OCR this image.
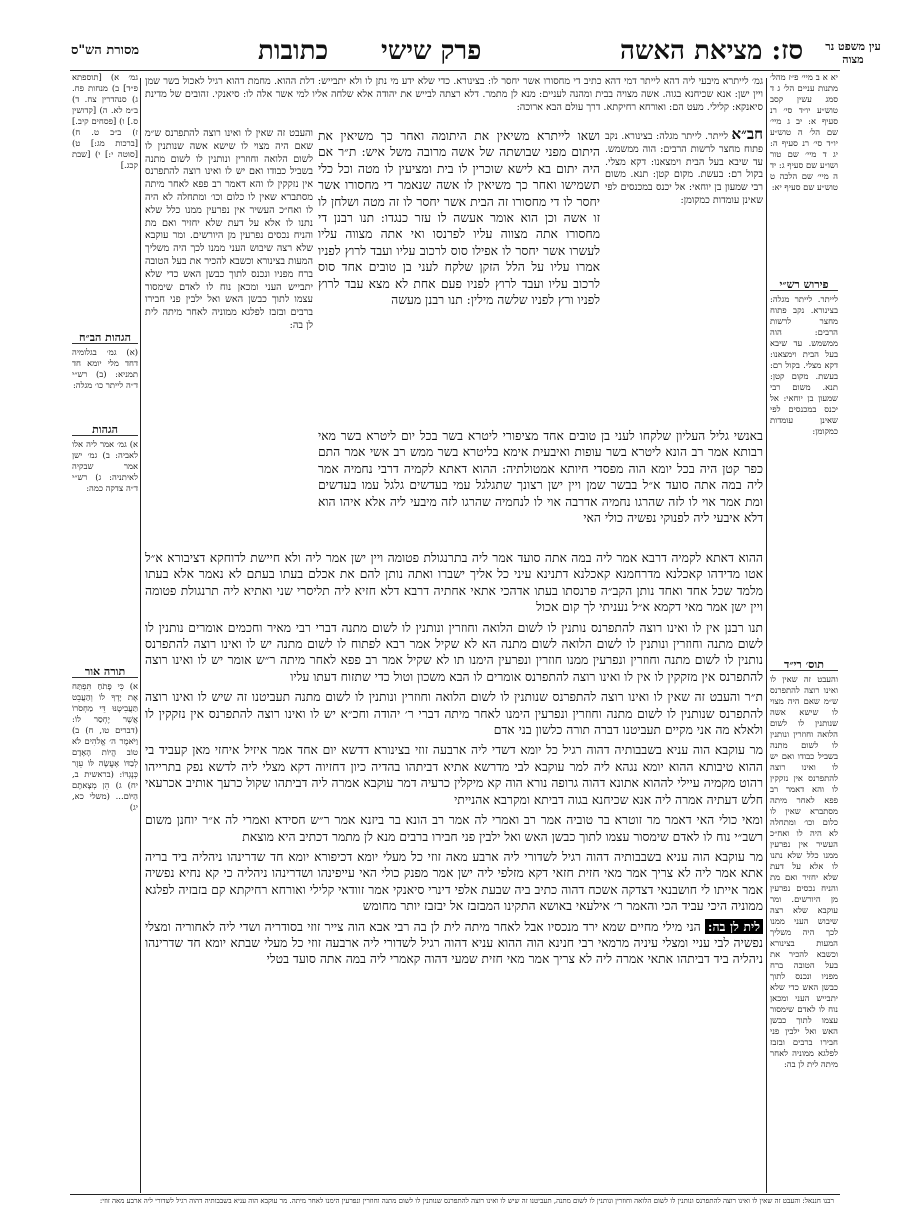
כתובות פרק שישי	סז: מציאת האשה
מסורת הש"ס	עין משפט נר מצוה

יא א ב מיי׳ פ״ז מהל׳ מתנות עניים הל׳ ג ד סמג עשין קסב טוש״ע יו״ד סי׳ רנ סעיף א: יב ג מיי׳ שם הל׳ ה טוש״ע יו״ד סי׳ רנ סעיף ה: יג ד מיי׳ שם טור ושו״ע שם סעיף ג: יד ה מיי׳ שם הלכה ט טוש״ע שם סעיף יא:

פירוש רש״י

לייתר. לייתר מגלה: בצינורא. נקב פתוח מחצר לרשות הרבים: הוה ממשמש. עד שיבא בעל הבית וימצאנו: דקא מצלי. בקול רם: בעשת. מקום קטן: תנא. משום רבי שמעון בן יוחאי: אל יכנס במכנסים לפי שאינן עומדות כמקומן:

תוס׳ רי״ד

והעבט זה שאין לו ואינו רוצה להתפרנס ש״מ שאם היה מצוי לו שישא אשה שנותנין לו לשום הלואה וחוזרין ונותנין לו לשום מתנה בשביל כבודו ואם יש לו ואינו רוצה להתפרנס אין נזקקין לו והא דאמר רב פפא לאחר מיתה מסתברא שאין לו כלום וכו׳ ומתחלה לא היה לו ואח״כ העשיר אין נפרעין ממנו כלל שלא נתנו לו אלא על דעת שלא יחזיר ואם מת והניח נכסים נפרעין מן היורשים. ומר עוקבא שלא רצה שיבוש העני ממנו לכך היה משליך המעות בצינורא וכשבא להכיר את בעל הטובה ברח מפניו ונכנס לתוך כבשן האש כדי שלא יתבייש העני ומכאן נוח לו לאדם שימסור עצמו לתוך כבשן האש ואל ילבין פני חבירו ברבים ובזבז לפלגא ממוניה לאחר מיתה לית לן בה:

גמ׳ א) [תוספתא פ״ד] ב) מנחות פח. ג) סנהדרין צח. ד) ב״מ לא. ה) [קדושין ס.] ו) [פסחים קיב.] ז) ב״ב ט. ח) [ברכות מג:] ט) [סוטה י:] י) [שבת קכג.]

הגהות הב״ח

(א) גמ׳ בגלומיה דחד מלי יומא חד תמניא: (ב) רש״י ד״ה לייתר כו׳ מגלה:

הגהות

א) גמ׳ אמר ליה אלו לאביה: ב) גמ׳ ישן אמר שבקיה לאיתניה: ג) רש״י ד״ה צדקה כמה:

תורה אור

א) כִּי פָתֹחַ תִּפְתַּח אֶת יָדְךָ לוֹ וְהַעֲבֵט תַּעֲבִיטֶנּוּ דֵּי מַחְסֹרוֹ אֲשֶׁר יֶחְסַר לוֹ: (דברים טו, ח) ב) וַיֹּאמֶר ה׳ אֱלֹהִים לֹא טוֹב הֱיוֹת הָאָדָם לְבַדּוֹ אֶעֱשֶׂה לּוֹ עֵזֶר כְּנֶגְדּוֹ: (בראשית ב, יח) ג) הֵן מְצָאתֶם הַיּוֹם... (משלי כא, יג)

גמ׳ לייתרא מיבעי ליה דהא לייתר דמי דהא כתיב די מחסורו אשר יחסר לו: בצינורא. כדי שלא ידע מי נתן לו ולא יתבייש: דלת ההוא. מחמת דהוא רגיל לאכול בשר שמן ויין ישן: אנא שכיחנא בגוה. אשה מצויה בבית ומהנה לעניים: מנא לן מתמר. דלא רצתה לבייש את יהודה אלא שלחה אליו למי אשר אלה לו: סיאנקי. זהובים של מדינת סיאנקא: קלילי. מעט הם: ואורחא רחיקתא. דרך עולם הבא ארוכה:

חב״א לייתר. לייתר מגלה: בצינורא. נקב פתוח מחצר לרשות הרבים: הוה ממשמש. עד שיבא בעל הבית וימצאנו: דקא מצלי. בקול רם: בעשת. מקום קטן: תנא. משום רבי שמעון בן יוחאי: אל יכנס במכנסים לפי שאינן עומדות כמקומן:

והעבט זה שאין לו ואינו רוצה להתפרנס ש״מ שאם היה מצוי לו שישא אשה שנותנין לו לשום הלואה וחוזרין ונותנין לו לשום מתנה בשביל כבודו ואם יש לו ואינו רוצה להתפרנס אין נזקקין לו והא דאמר רב פפא לאחר מיתה מסתברא שאין לו כלום וכו׳ ומתחלה לא היה לו ואח״כ העשיר אין נפרעין ממנו כלל שלא נתנו לו אלא על דעת שלא יחזיר ואם מת והניח נכסים נפרעין מן היורשים. ומר עוקבא שלא רצה שיבוש העני ממנו לכך היה משליך המעות בצינורא וכשבא להכיר את בעל הטובה ברח מפניו ונכנס לתוך כבשן האש כדי שלא יתבייש העני ומכאן נוח לו לאדם שימסור עצמו לתוך כבשן האש ואל ילבין פני חבירו ברבים ובזבז לפלגא ממוניה לאחר מיתה לית לן בה:

ושאו לייתרא משיאין את היתומה ואחר כך משיאין את היתום מפני שבושתה של אשה מרובה משל איש: ת״ר אם היה יתום בא לישא שוכרין לו בית ומציעין לו מטה וכל כלי תשמישו ואחר כך משיאין לו אשה שנאמר די מחסורו אשר יחסר לו די מחסורו זה הבית אשר יחסר לו זה מטה ושלחן לו זו אשה וכן הוא אומר אעשה לו עזר כנגדו: תנו רבנן די מחסורו אתה מצווה עליו לפרנסו ואי אתה מצווה עליו לעשרו אשר יחסר לו אפילו סוס לרכוב עליו ועבד לרוץ לפניו אמרו עליו על הלל הזקן שלקח לעני בן טובים אחד סוס לרכוב עליו ועבד לרוץ לפניו פעם אחת לא מצא עבד לרוץ לפניו ורץ לפניו שלשה מילין: תנו רבנן מעשה

באנשי גליל העליון שלקחו לעני בן טובים אחד מציפורי ליטרא בשר בכל יום ליטרא בשר מאי רבותא אמר רב הונא ליטרא בשר עופות ואיבעית אימא בליטרא בשר ממש רב אשי אמר התם כפר קטן היה בכל יומא הוה מפסדי חיותא אמטולתיה: ההוא דאתא לקמיה דרבי נחמיה אמר ליה במה אתה סועד א״ל בבשר שמן ויין ישן רצונך שתגלגל עמי בעדשים גלגל עמו בעדשים ומת אמר אוי לו לזה שהרגו נחמיה אדרבה אוי לו לנחמיה שהרגו לזה מיבעי ליה אלא איהו הוא דלא איבעי ליה לפנוקי נפשיה כולי האי

ההוא דאתא לקמיה דרבא אמר ליה במה אתה סועד אמר ליה בתרנגולת פטומה ויין ישן אמר ליה ולא חיישת לדוחקא דציבורא א״ל אטו מדידהו קאכלנא מדרחמנא קאכלנא דתנינא עיני כל אליך ישברו ואתה נותן להם את אכלם בעתו בעתם לא נאמר אלא בעתו מלמד שכל אחד ואחד נותן הקב״ה פרנסתו בעתו אדהכי אתאי אחתיה דרבא דלא חזיא ליה תליסרי שני ואתיא ליה תרנגולת פטומה ויין ישן אמר מאי דקמא א״ל נעניתי לך קום אכול

תנו רבנן אין לו ואינו רוצה להתפרנס נותנין לו לשום הלואה וחוזרין ונותנין לו לשום מתנה דברי רבי מאיר וחכמים אומרים נותנין לו לשום מתנה וחוזרין ונותנין לו לשום הלואה לשום מתנה הא לא שקיל אמר רבא לפתוח לו לשום מתנה יש לו ואינו רוצה להתפרנס נותנין לו לשום מתנה וחוזרין ונפרעין ממנו חוזרין ונפרעין הימנו תו לא שקיל אמר רב פפא לאחר מיתה ר״ש אומר יש לו ואינו רוצה להתפרנס אין מזקקין לו אין לו ואינו רוצה להתפרנס אומרים לו הבא משכון וטול כדי שתזוח דעתו עליו

ת״ר והעבט זה שאין לו ואינו רוצה להתפרנס שנותנין לו לשום הלואה וחוזרין ונותנין לו לשום מתנה תעביטנו זה שיש לו ואינו רוצה להתפרנס שנותנין לו לשום מתנה וחוזרין ונפרעין הימנו לאחר מיתה דברי ר׳ יהודה וחכ״א יש לו ואינו רוצה להתפרנס אין נזקקין לו ולאלא מה אני מקיים תעביטנו דברה תורה כלשון בני אדם

מר עוקבא הוה עניא בשבבותיה דהוה רגיל כל יומא דשדי ליה ארבעה זוזי בצינורא דדשא יום אחד אמר איזיל איחזי מאן קעביד בי ההוא טיבותא ההוא יומא נגהא ליה למר עוקבא לבי מדרשא אתיא דביתהו בהדיה כיון דחזיוה דקא מצלי ליה לדשא נפק בתרייהו רהוט מקמיה עיילי לההוא אתונא דהוה גרופה נורא הוה קא מיקלין כרעיה דמר עוקבא אמרה ליה דביתהו שקול כרעך אותיב אכרעאי חלש דעתיה אמרה ליה אנא שכיחנא בגוה דביתא ומקרבא אהנייתי

ומאי כולי האי דאמר מר זוטרא בר טוביה אמר רב ואמרי לה אמר רב הונא בר ביזנא אמר ר״ש חסידא ואמרי לה א״ר יוחנן משום רשב״י נוח לו לאדם שימסור עצמו לתוך כבשן האש ואל ילבין פני חבירו ברבים מנא לן מתמר דכתיב היא מוצאת

מר עוקבא הוה עניא בשבבותיה דהוה רגיל לשדורי ליה ארבע מאה זוזי כל מעלי יומא דכיפורא יומא חד שדרינהו ניהליה ביד בריה אתא אמר ליה לא צריך אמר מאי חזית חזאי דקא מזלפי ליה ישן אמר מפנק כולי האי עייפינהו ושדרינהו ניהליה כי קא נחיא נפשיה אמר אייתו לי חושבנאי דצדקה אשכח דהוה כתיב ביה שבעת אלפי דינרי סיאנקי אמר זוודאי קלילי ואורחא רחיקתא קם בזבזיה לפלגא ממוניה היכי עביד הכי והאמר ר׳ אילעאי באושא התקינו המבזבז אל יבזבז יותר מחומש

לית לן בה: הני מילי מחיים שמא ירד מנכסיו אבל לאחר מיתה לית לן בה רבי אבא הוה צייר זוזי בסודריה ושדי ליה לאחוריה ומצלי נפשיה לבי עניי ומצלי עיניה מרמאי רבי חנינא הוה ההוא עניא דהוה רגיל לשדורי ליה ארבעה זוזי כל מעלי שבתא יומא חד שדרינהו ניהליה ביד דביתהו אתאי אמרה ליה לא צריך אמר מאי חזית שמעי דהוה קאמרי ליה במה אתה סועד בטלי

רבנו חננאל: והעבט זה שאין לו ואינו רוצה להתפרנס ונותנין לו לשום הלואה וחוזרין ונותנין לו לשום מתנה, תעביטנו זה שיש לו ואינו רוצה להתפרנס שנותנין לו לשום מתנה וחוזרין ונפרעין הימנו לאחר מיתה. מר עוקבא הוה עניא בשבבותיה דהוה רגיל לשדורי ליה ארבע מאה זוזי:
